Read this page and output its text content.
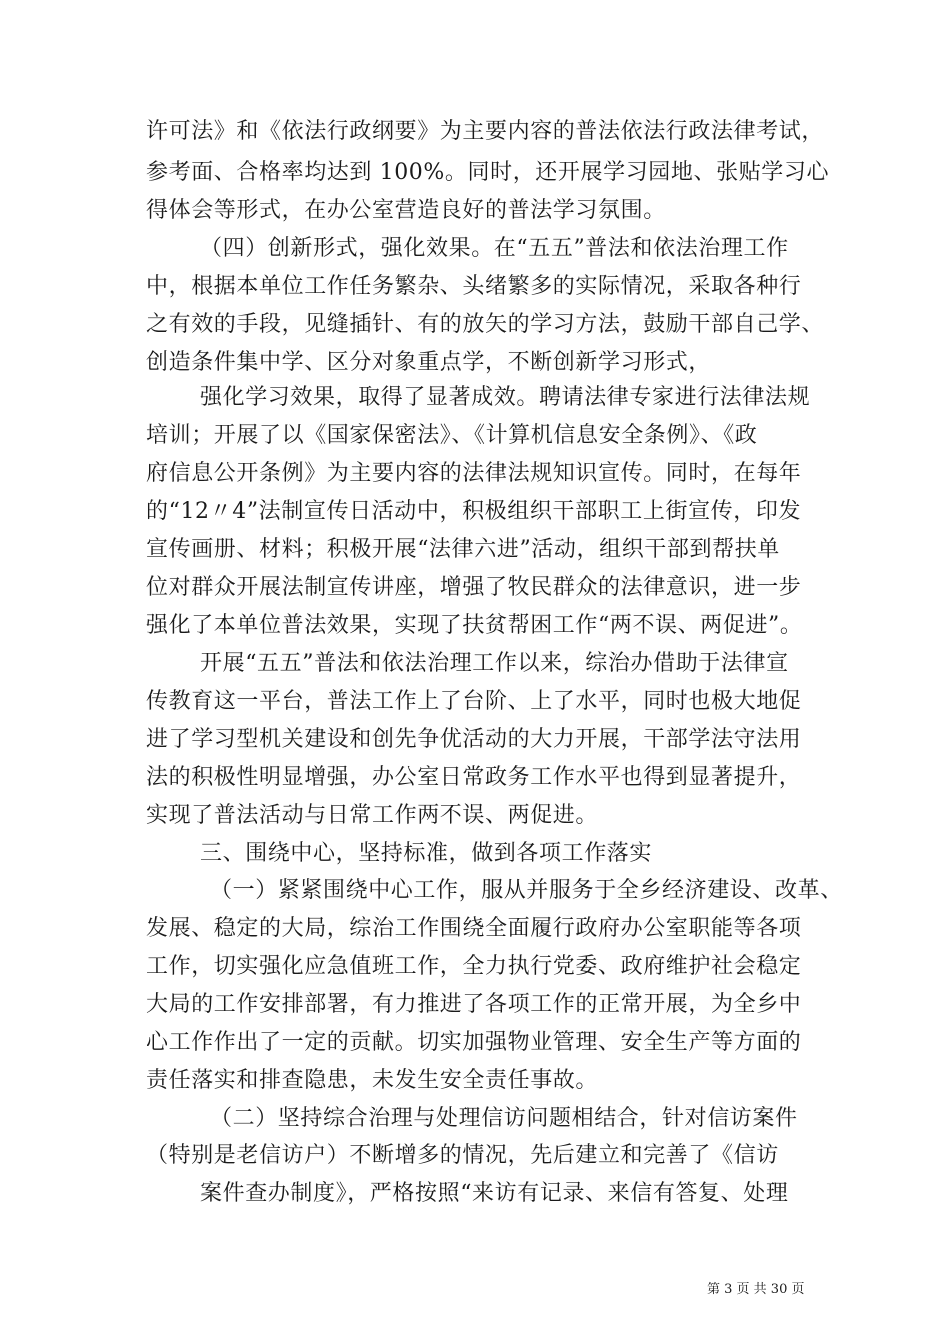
许可法》和《依法行政纲要》为主要内容的普法依法行政法律考试，
参考面、合格率均达到 100%。同时，还开展学习园地、张贴学习心
得体会等形式，在办公室营造良好的普法学习氛围。
（四）创新形式，强化效果。在“五五”普法和依法治理工作
中，根据本单位工作任务繁杂、头绪繁多的实际情况，采取各种行
之有效的手段，见缝插针、有的放矢的学习方法，鼓励干部自己学、
创造条件集中学、区分对象重点学，不断创新学习形式，
强化学习效果，取得了显著成效。聘请法律专家进行法律法规
培训；开展了以《国家保密法》、《计算机信息安全条例》、《政
府信息公开条例》为主要内容的法律法规知识宣传。同时，在每年
的“12〃4”法制宣传日活动中，积极组织干部职工上街宣传，印发
宣传画册、材料；积极开展“法律六进”活动，组织干部到帮扶单
位对群众开展法制宣传讲座，增强了牧民群众的法律意识，进一步
强化了本单位普法效果，实现了扶贫帮困工作“两不误、两促进”。
开展“五五”普法和依法治理工作以来，综治办借助于法律宣
传教育这一平台，普法工作上了台阶、上了水平，同时也极大地促
进了学习型机关建设和创先争优活动的大力开展，干部学法守法用
法的积极性明显增强，办公室日常政务工作水平也得到显著提升，
实现了普法活动与日常工作两不误、两促进。
三、围绕中心，坚持标准，做到各项工作落实
（一）紧紧围绕中心工作，服从并服务于全乡经济建设、改革、
发展、稳定的大局，综治工作围绕全面履行政府办公室职能等各项
工作，切实强化应急值班工作，全力执行党委、政府维护社会稳定
大局的工作安排部署，有力推进了各项工作的正常开展，为全乡中
心工作作出了一定的贡献。切实加强物业管理、安全生产等方面的
责任落实和排查隐患，未发生安全责任事故。
（二）坚持综合治理与处理信访问题相结合，针对信访案件
（特别是老信访户）不断增多的情况，先后建立和完善了《信访
案件查办制度》，严格按照“来访有记录、来信有答复、处理
第 3 页 共 30 页
